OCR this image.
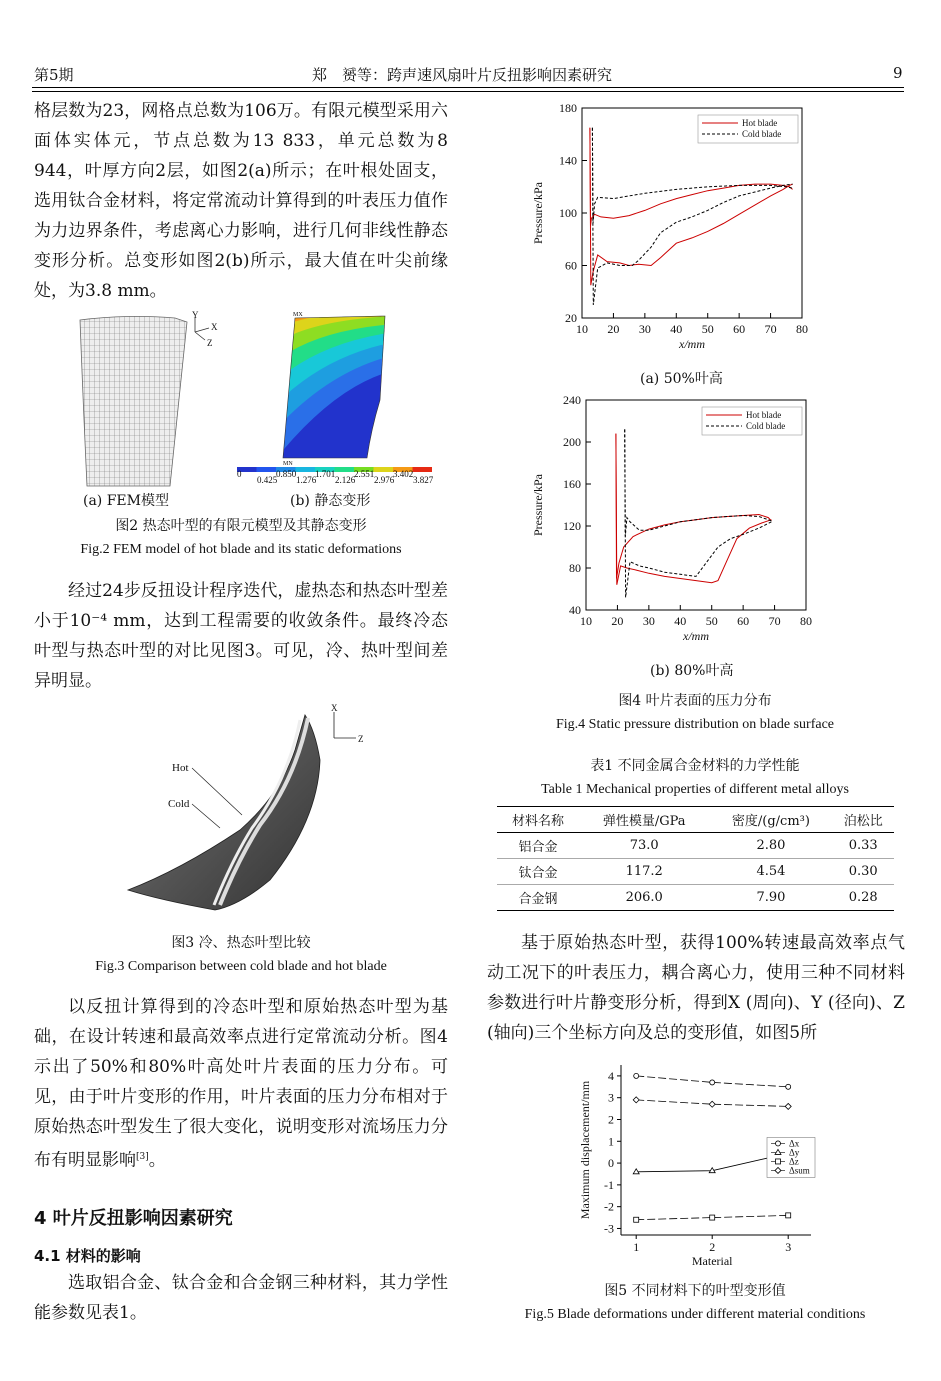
第5期	郑　赟等：跨声速风扇叶片反扭影响因素研究	9

格层数为23，网格点总数为106万。有限元模型采用六面体实体元，节点总数为13 833，单元总数为8 944，叶厚方向2层，如图2(a)所示；在叶根处固支，选用钛合金材料，将定常流动计算得到的叶表压力值作为力边界条件，考虑离心力影响，进行几何非线性静态变形分析。总变形如图2(b)所示，最大值在叶尖前缘处，为3.8 mm。

Y
X
Z
MX
MN
0	0.850 1.701 2.551 3.402
0.425 1.276 2.126 2.976 3.827
(a) FEM模型	(b) 静态变形
图2 热态叶型的有限元模型及其静态变形
Fig.2 FEM model of hot blade and its static deformations

经过24步反扭设计程序迭代，虚热态和热态叶型差小于10⁻⁴ mm，达到工程需要的收敛条件。最终冷态叶型与热态叶型的对比见图3。可见，冷、热叶型间差异明显。

X
Z
Hot
Cold
图3 冷、热态叶型比较
Fig.3 Comparison between cold blade and hot blade

以反扭计算得到的冷态叶型和原始热态叶型为基础，在设计转速和最高效率点进行定常流动分析。图4示出了50%和80%叶高处叶片表面的压力分布。可见，由于叶片变形的作用，叶片表面的压力分布相对于原始热态叶型发生了很大变化，说明变形对流场压力分布有明显影响[3]。

4 叶片反扭影响因素研究
4.1 材料的影响

选取铝合金、钛合金和合金钢三种材料，其力学性能参数见表1。

10 20 30 40 50 60 70 80
20
60
100
140
180
x/mm
Pressure/kPa
Hot blade
Cold blade
(a) 50%叶高
10 20 30 40 50 60 70 80
40
80
120
160
200
240
x/mm
Pressure/kPa
Hot blade
Cold blade
(b) 80%叶高
图4 叶片表面的压力分布
Fig.4 Static pressure distribution on blade surface
表1 不同金属合金材料的力学性能
Table 1 Mechanical properties of different metal alloys
材料名称	弹性模量/GPa	密度/(g/cm³)	泊松比
铝合金	73.0	2.80	0.33
钛合金	117.2	4.54	0.30
合金钢	206.0	7.90	0.28

基于原始热态叶型，获得100%转速最高效率点气动工况下的叶表压力，耦合离心力，使用三种不同材料参数进行叶片静变形分析，得到X (周向)、Y (径向)、Z (轴向)三个坐标方向及总的变形值，如图5所

1	2	3
-3
-2
-1
0
1
2
3
4
Material
Maximum displacement/mm	Δx
Δy
Δz
Δsum
图5 不同材料下的叶型变形值
Fig.5 Blade deformations under different material conditions
